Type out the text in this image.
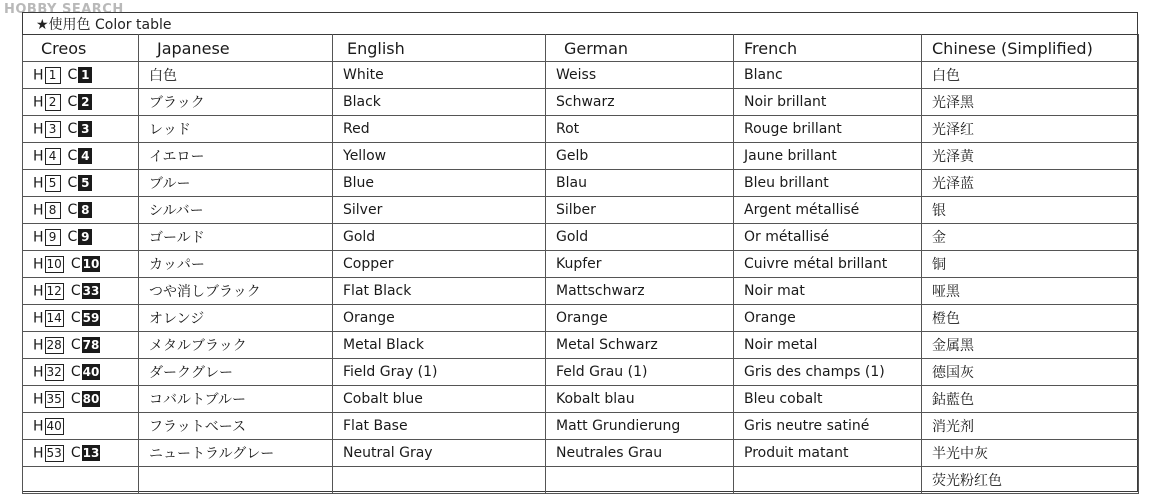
HOBBY SEARCH
★使用色 Color table
Creos	Japanese	English	German	French	Chinese (Simplified)
H 1 C 1	白色	White	Weiss	Blanc	白色
H 2 C 2	ブラック	Black	Schwarz	Noir brillant	光泽黑
H 3 C 3	レッド	Red	Rot	Rouge brillant	光泽红
H 4 C 4	イエロー	Yellow	Gelb	Jaune brillant	光泽黄
H 5 C 5	ブルー	Blue	Blau	Bleu brillant	光泽蓝
H 8 C 8	シルバー	Silver	Silber	Argent métallisé	银
H 9 C 9	ゴールド	Gold	Gold	Or métallisé	金
H 10 C 10	カッパー	Copper	Kupfer	Cuivre métal brillant	铜
H 12 C 33	つや消しブラック	Flat Black	Mattschwarz	Noir mat	哑黑
H 14 C 59	オレンジ	Orange	Orange	Orange	橙色
H 28 C 78	メタルブラック	Metal Black	Metal Schwarz	Noir metal	金属黑
H 32 C 40	ダークグレー	Field Gray (1)	Feld Grau (1)	Gris des champs (1)	德国灰
H 35 C 80	コバルトブルー	Cobalt blue	Kobalt blau	Bleu cobalt	鈷藍色
H 40	フラットベース	Flat Base	Matt Grundierung	Gris neutre satiné	消光剂
H 53 C 13	ニュートラルグレー	Neutral Gray	Neutrales Grau	Produit matant	半光中灰
					荧光粉红色
